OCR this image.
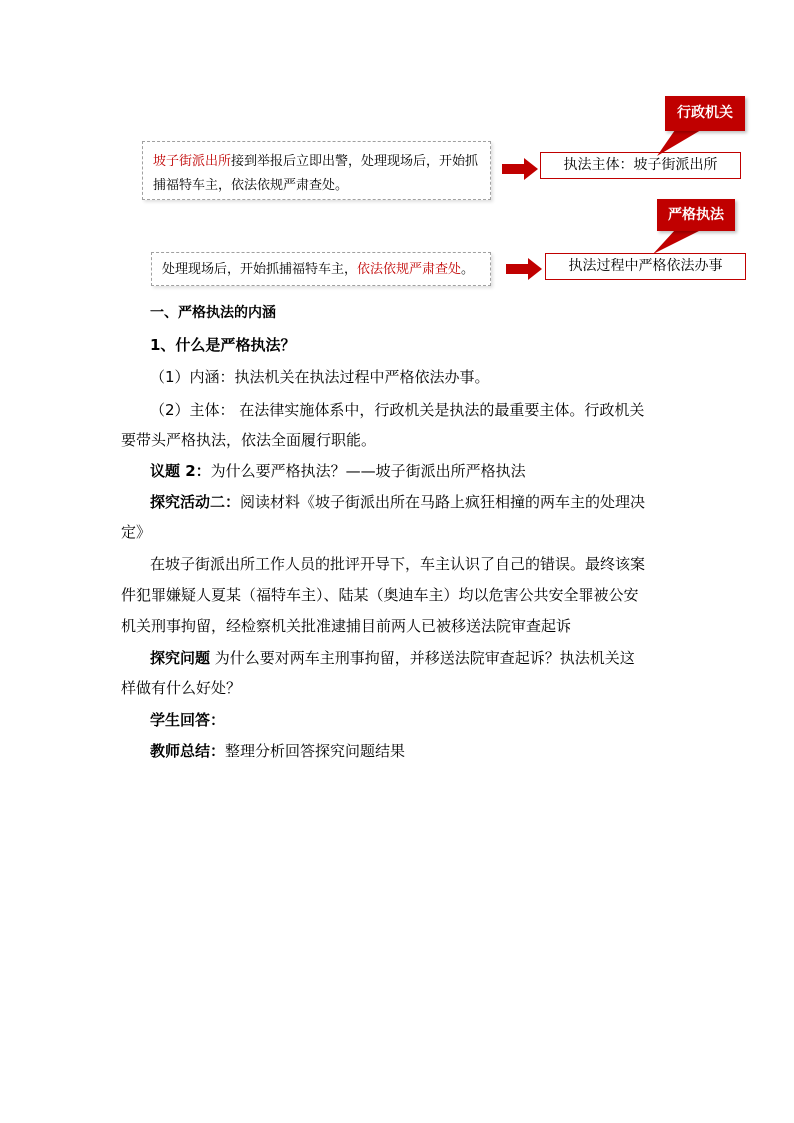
坡子街派出所接到举报后立即出警，处理现场后，开始抓捕福特车主，依法依规严肃查处。
执法主体：坡子街派出所
行政机关
处理现场后，开始抓捕福特车主，依法依规严肃查处。	执法过程中严格依法办事
严格执法
一、严格执法的内涵
1、什么是严格执法？
（1）内涵：执法机关在执法过程中严格依法办事。
（2）主体： 在法律实施体系中，行政机关是执法的最重要主体。行政机关
要带头严格执法，依法全面履行职能。
议题 2：为什么要严格执法？——坡子街派出所严格执法
探究活动二：阅读材料《坡子街派出所在马路上疯狂相撞的两车主的处理决
定》
在坡子街派出所工作人员的批评开导下，车主认识了自己的错误。最终该案
件犯罪嫌疑人夏某（福特车主）、陆某（奥迪车主）均以危害公共安全罪被公安
机关刑事拘留，经检察机关批准逮捕目前两人已被移送法院审查起诉
探究问题 为什么要对两车主刑事拘留，并移送法院审查起诉？执法机关这
样做有什么好处？
学生回答：
教师总结：整理分析回答探究问题结果
